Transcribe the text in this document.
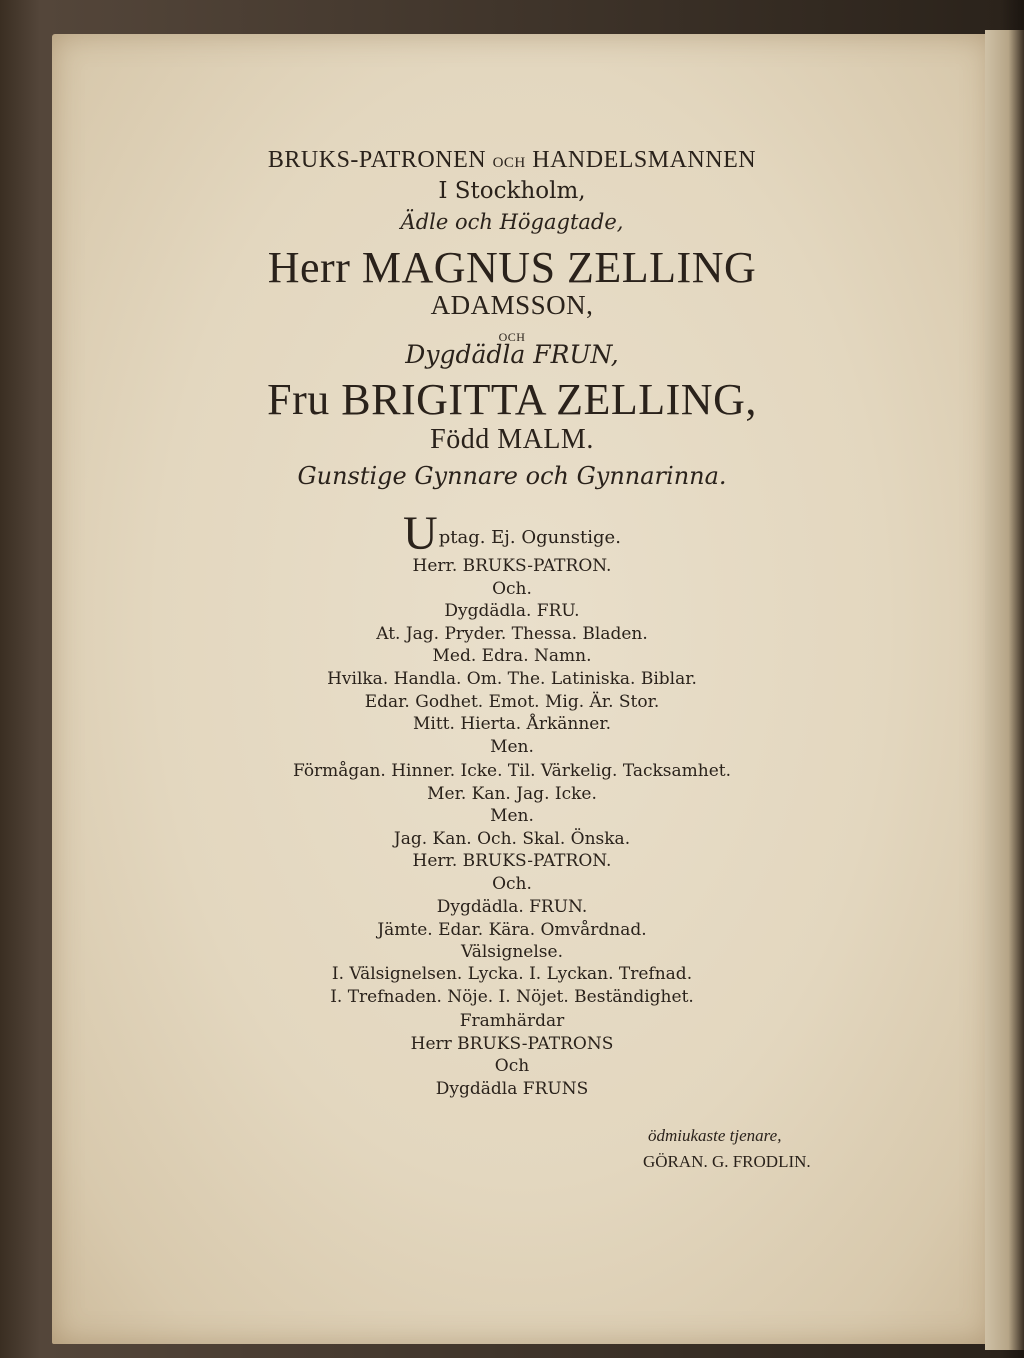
BRUKS-PATRONEN OCH HANDELSMANNEN
I Stockholm,
Ädle och Högagtade,
Herr MAGNUS ZELLING
ADAMSSON,
OCH
Dygdädla FRUN,
Fru BRIGITTA ZELLING,
Född MALM.
Gunstige Gynnare och Gynnarinna.
Uptag. Ej. Ogunstige.
Herr. BRUKS-PATRON.
Och.
Dygdädla. FRU.
At. Jag. Pryder. Thessa. Bladen.
Med. Edra. Namn.
Hvilka. Handla. Om. The. Latiniska. Biblar.
Edar. Godhet. Emot. Mig. Är. Stor.
Mitt. Hierta. Årkänner.
Men.
Förmågan. Hinner. Icke. Til. Värkelig. Tacksamhet.
Mer. Kan. Jag. Icke.
Men.
Jag. Kan. Och. Skal. Önska.
Herr. BRUKS-PATRON.
Och.
Dygdädla. FRUN.
Jämte. Edar. Kära. Omvårdnad.
Välsignelse.
I. Välsignelsen. Lycka. I. Lyckan. Trefnad.
I. Trefnaden. Nöje. I. Nöjet. Beständighet.
Framhärdar
Herr BRUKS-PATRONS
Och
Dygdädla FRUNS
ödmiukaste tjenare,
GÖRAN. G. FRODLIN.
